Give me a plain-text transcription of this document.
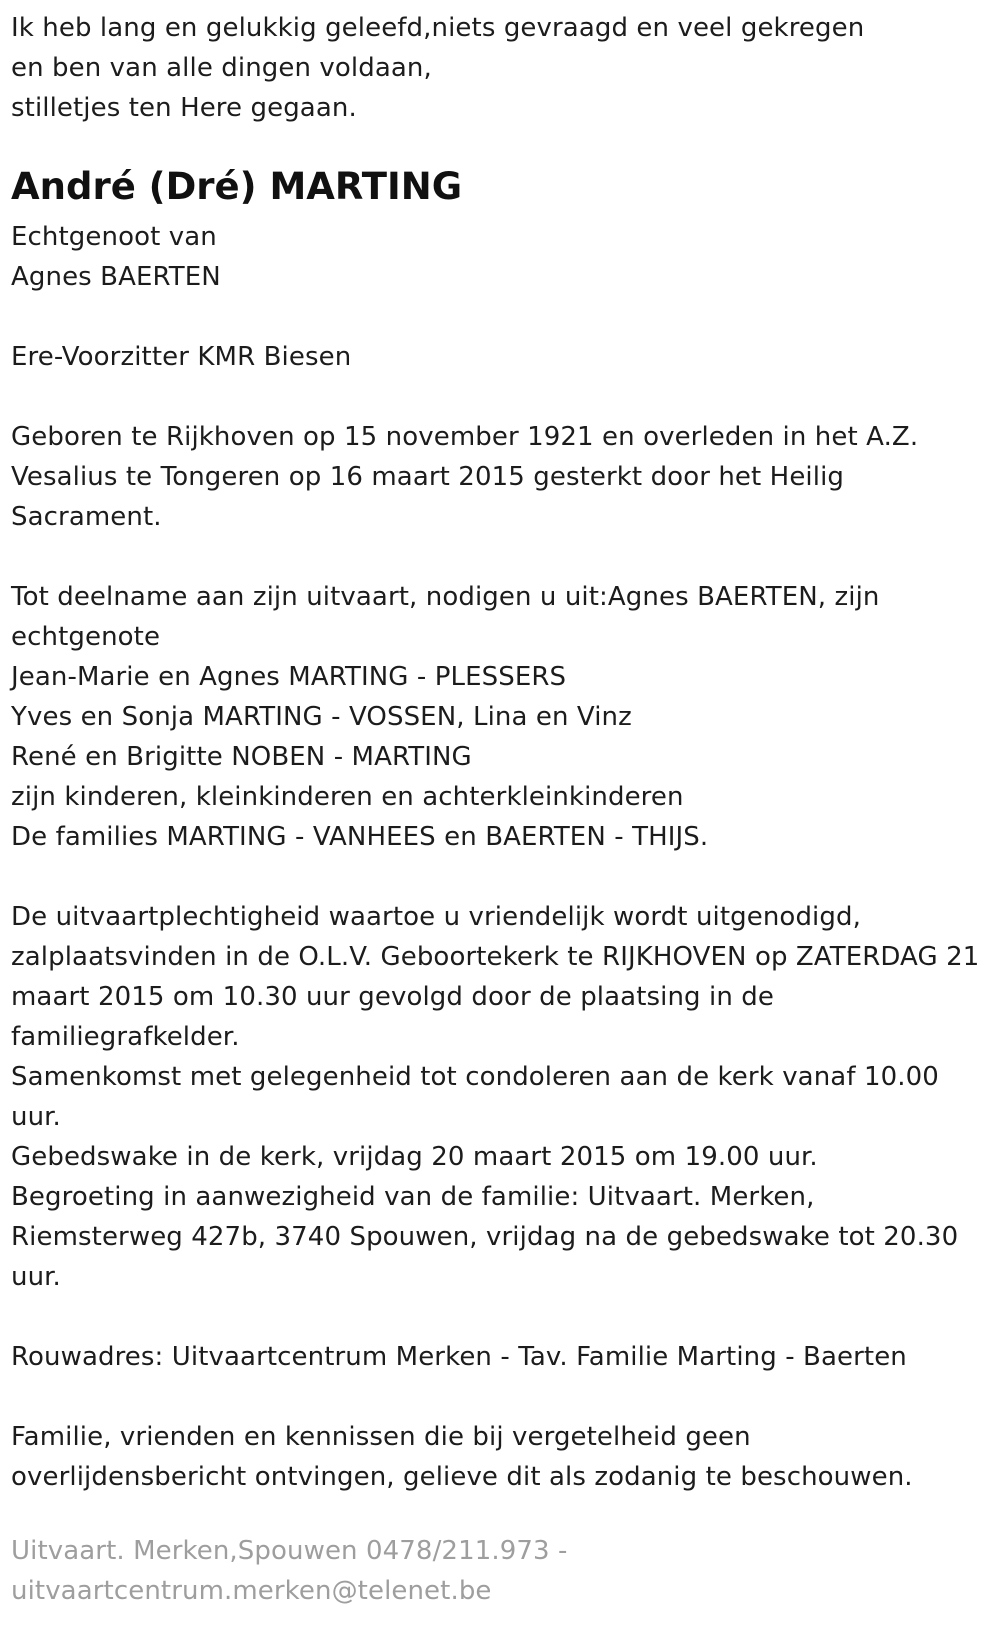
Ik heb lang en gelukkig geleefd,niets gevraagd en veel gekregen
en ben van alle dingen voldaan,
stilletjes ten Here gegaan.
André (Dré) MARTING
Echtgenoot van
Agnes BAERTEN
Ere-Voorzitter KMR Biesen
Geboren te Rijkhoven op 15 november 1921 en overleden in het A.Z.
Vesalius te Tongeren op 16 maart 2015 gesterkt door het Heilig
Sacrament.
Tot deelname aan zijn uitvaart, nodigen u uit:Agnes BAERTEN, zijn
echtgenote
Jean-Marie en Agnes MARTING - PLESSERS
Yves en Sonja MARTING - VOSSEN, Lina en Vinz
René en Brigitte NOBEN - MARTING
zijn kinderen, kleinkinderen en achterkleinkinderen
De families MARTING - VANHEES en BAERTEN - THIJS.
De uitvaartplechtigheid waartoe u vriendelijk wordt uitgenodigd,
zalplaatsvinden in de O.L.V. Geboortekerk te RIJKHOVEN op ZATERDAG 21
maart 2015 om 10.30 uur gevolgd door de plaatsing in de
familiegrafkelder.
Samenkomst met gelegenheid tot condoleren aan de kerk vanaf 10.00
uur.
Gebedswake in de kerk, vrijdag 20 maart 2015 om 19.00 uur.
Begroeting in aanwezigheid van de familie: Uitvaart. Merken,
Riemsterweg 427b, 3740 Spouwen, vrijdag na de gebedswake tot 20.30
uur.
Rouwadres: Uitvaartcentrum Merken - Tav. Familie Marting - Baerten
Familie, vrienden en kennissen die bij vergetelheid geen
overlijdensbericht ontvingen, gelieve dit als zodanig te beschouwen.
Uitvaart. Merken,Spouwen 0478/211.973 -
uitvaartcentrum.merken@telenet.be
